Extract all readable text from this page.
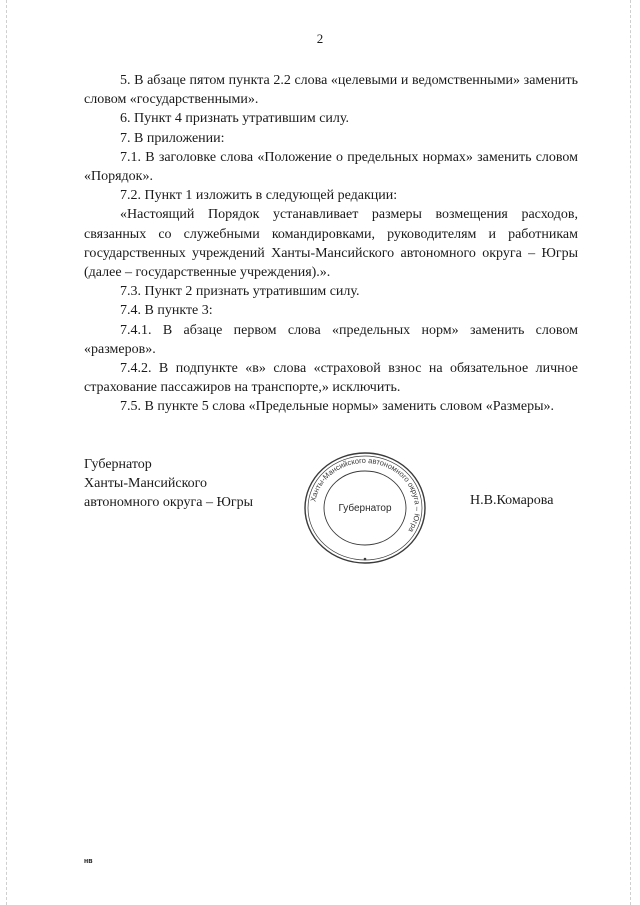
2

5. В абзаце пятом пункта 2.2 слова «целевыми и ведомственными» заменить словом «государственными».

6. Пункт 4 признать утратившим силу.

7. В приложении:

7.1. В заголовке слова «Положение о предельных нормах» заменить словом «Порядок».

7.2. Пункт 1 изложить в следующей редакции:

«Настоящий Порядок устанавливает размеры возмещения расходов, связанных со служебными командировками, руководителям и работникам государственных учреждений Ханты-Мансийского автономного округа – Югры (далее – государственные учреждения).».

7.3. Пункт 2 признать утратившим силу.

7.4. В пункте 3:

7.4.1. В абзаце первом слова «предельных норм» заменить словом «размеров».

7.4.2. В подпункте «в» слова «страховой взнос на обязательное личное страхование пассажиров на транспорте,» исключить.

7.5. В пункте 5 слова «Предельные нормы» заменить словом «Размеры».

Губернатор
Ханты-Мансийского
автономного округа – Югры	Ханты-Мансийского автономного округа – Югра
Губернатор
Н.В.Комарова
нв
